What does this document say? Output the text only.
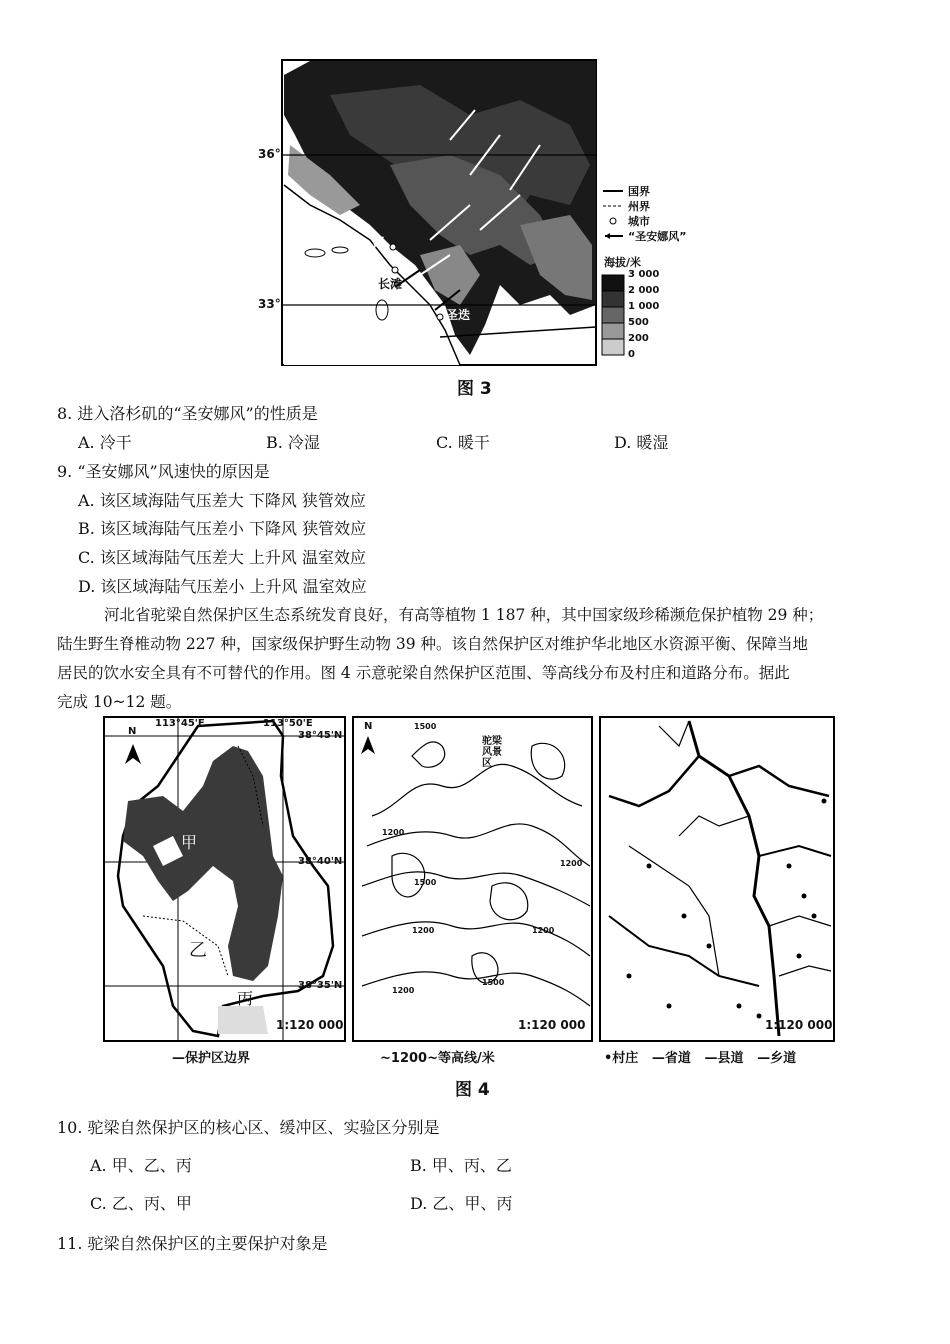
36°
33°
洛
长滩
圣迭
国界
州界
城市
“圣安娜风”
海拔/米
3 000
2 000
1 000
500
200
0
图 3
8. 进入洛杉矶的“圣安娜风”的性质是
A. 冷干	B. 冷湿	C. 暖干	D. 暖湿
9. “圣安娜风”风速快的原因是
A. 该区域海陆气压差大 下降风 狭管效应
B. 该区域海陆气压差小 下降风 狭管效应
C. 该区域海陆气压差大 上升风 温室效应
D. 该区域海陆气压差小 上升风 温室效应
河北省驼梁自然保护区生态系统发育良好，有高等植物 1 187 种，其中国家级珍稀濒危保护植物 29 种；
陆生野生脊椎动物 227 种，国家级保护野生动物 39 种。该自然保护区对维护华北地区水资源平衡、保障当地
居民的饮水安全具有不可替代的作用。图 4 示意驼梁自然保护区范围、等高线分布及村庄和道路分布。据此
完成 10~12 题。
N
113°45'E	113°50'E
38°45'N
38°40'N
38°35'N
甲
乙
丙
1:120 000
—保护区边界
N
驼梁风景区
1500
1200
1200
1500
1200	1200
1500
1200
1:120 000
~1200~等高线/米
1:120 000
•村庄 —省道 —县道 —乡道
图 4
10. 驼梁自然保护区的核心区、缓冲区、实验区分别是
A. 甲、乙、丙	B. 甲、丙、乙
C. 乙、丙、甲	D. 乙、甲、丙
11. 驼梁自然保护区的主要保护对象是
